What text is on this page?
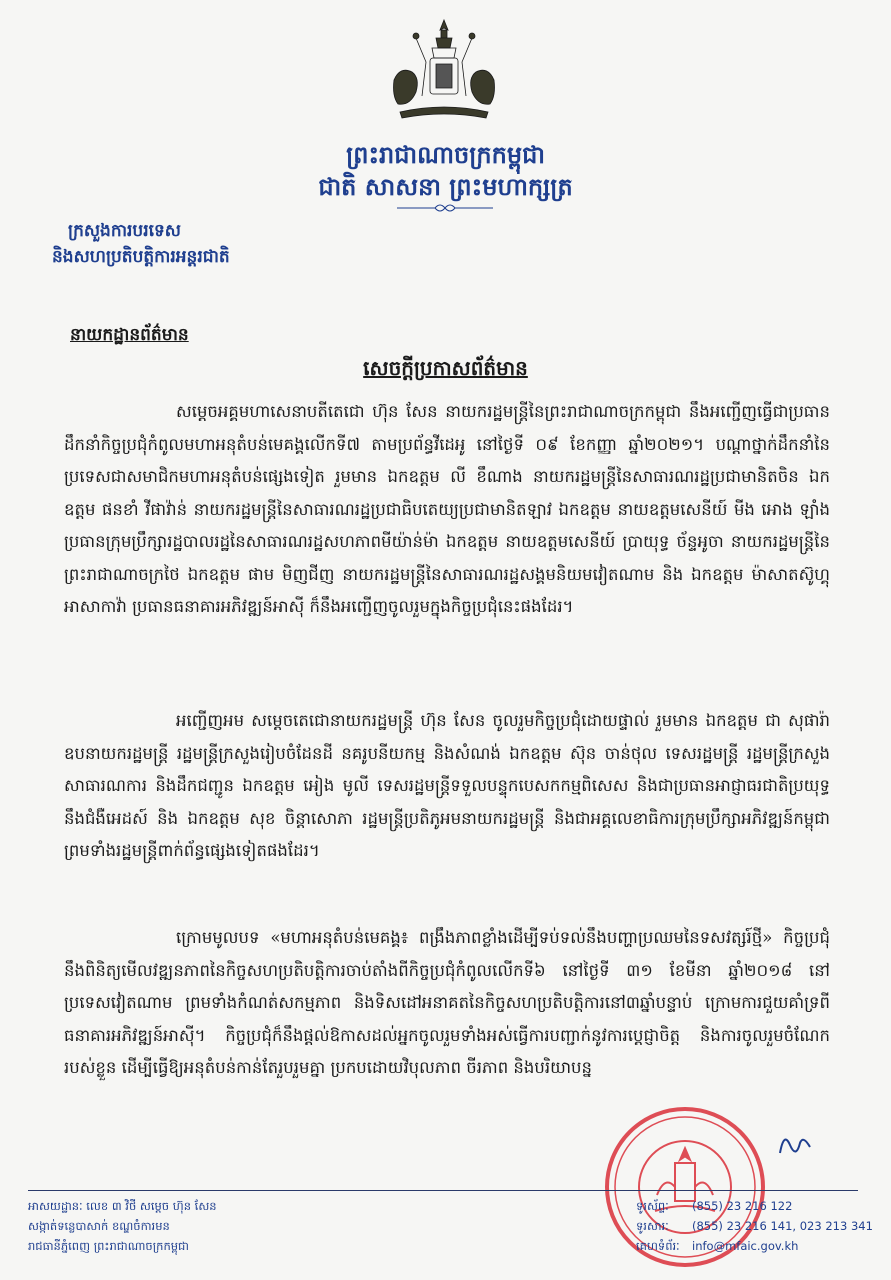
ព្រះរាជាណាចក្រកម្ពុជា
ជាតិ សាសនា ព្រះមហាក្សត្រ
ក្រសួងការបរទេស
និងសហប្រតិបត្តិការអន្តរជាតិ
នាយកដ្ឋានព័ត៌មាន
សេចក្តីប្រកាសព័ត៌មាន

សម្តេចអគ្គមហាសេនាបតីតេជោ ហ៊ុន សែន នាយករដ្ឋមន្ត្រីនៃព្រះរាជាណាចក្រកម្ពុជា នឹងអញ្ជើញធ្វើជាប្រធានដឹកនាំកិច្ចប្រជុំកំពូលមហាអនុតំបន់មេគង្គលើកទី៧ តាមប្រព័ន្ធវីដេអូ នៅថ្ងៃទី ០៩ ខែកញ្ញា ឆ្នាំ២០២១។ បណ្តាថ្នាក់ដឹកនាំនៃប្រទេសជាសមាជិកមហាអនុតំបន់ផ្សេងទៀត រួមមាន ឯកឧត្តម លី ខឹណាង នាយករដ្ឋមន្ត្រីនៃសាធារណរដ្ឋប្រជាមានិតចិន ឯកឧត្តម ផនខាំ វីផាវ៉ាន់ នាយករដ្ឋមន្ត្រីនៃសាធារណរដ្ឋប្រជាធិបតេយ្យប្រជាមានិតឡាវ ឯកឧត្តម នាយឧត្តមសេនីយ៍ មីង អោង ឡាំង ប្រធានក្រុមប្រឹក្សារដ្ឋបាលរដ្ឋនៃសាធារណរដ្ឋសហភាពមីយ៉ាន់ម៉ា ឯកឧត្តម នាយឧត្តមសេនីយ៍ ប្រាយុទ្ធ ច័ន្ទអូចា នាយករដ្ឋមន្ត្រីនៃព្រះរាជាណាចក្រថៃ ឯកឧត្តម ផាម មិញជីញ នាយករដ្ឋមន្ត្រីនៃសាធារណរដ្ឋសង្គមនិយមវៀតណាម និង ឯកឧត្តម ម៉ាសាតស៊ូហ្គុ អាសាកាវ៉ា ប្រធានធនាគារអភិវឌ្ឍន៍អាស៊ី ក៏នឹងអញ្ជើញចូលរួមក្នុងកិច្ចប្រជុំនេះផងដែរ។

អញ្ជើញអម សម្តេចតេជោនាយករដ្ឋមន្ត្រី ហ៊ុន សែន ចូលរួមកិច្ចប្រជុំដោយផ្ទាល់ រួមមាន ឯកឧត្តម ជា សុផារ៉ា ឧបនាយករដ្ឋមន្ត្រី រដ្ឋមន្ត្រីក្រសួងរៀបចំដែនដី នគរូបនីយកម្ម និងសំណង់ ឯកឧត្តម ស៊ុន ចាន់ថុល ទេសរដ្ឋមន្ត្រី រដ្ឋមន្ត្រីក្រសួងសាធារណការ និងដឹកជញ្ជូន ឯកឧត្តម អៀង មូលី ទេសរដ្ឋមន្ត្រីទទួលបន្ទុកបេសកកម្មពិសេស និងជាប្រធានអាជ្ញាធរជាតិប្រយុទ្ធនឹងជំងឺអេដស៍ និង ឯកឧត្តម សុខ ចិន្តាសោភា រដ្ឋមន្ត្រីប្រតិភូអមនាយករដ្ឋមន្ត្រី និងជាអគ្គលេខាធិការក្រុមប្រឹក្សាអភិវឌ្ឍន៍កម្ពុជា ព្រមទាំងរដ្ឋមន្ត្រីពាក់ព័ន្ធផ្សេងទៀតផងដែរ។

ក្រោមមូលបទ «មហាអនុតំបន់មេគង្គ៖ ពង្រឹងភាពខ្លាំងដើម្បីទប់ទល់នឹងបញ្ហាប្រឈមនៃទសវត្សរ៍ថ្មី» កិច្ចប្រជុំនឹងពិនិត្យមើលវឌ្ឍនភាពនៃកិច្ចសហប្រតិបត្តិការចាប់តាំងពីកិច្ចប្រជុំកំពូលលើកទី៦ នៅថ្ងៃទី ៣១ ខែមីនា ឆ្នាំ២០១៨ នៅប្រទេសវៀតណាម ព្រមទាំងកំណត់សកម្មភាព និងទិសដៅអនាគតនៃកិច្ចសហប្រតិបត្តិការនៅ៣ឆ្នាំបន្ទាប់ ក្រោមការជួយគាំទ្រពីធនាគារអភិវឌ្ឍន៍អាស៊ី។ កិច្ចប្រជុំក៏នឹងផ្តល់ឱកាសដល់អ្នកចូលរួមទាំងអស់ធ្វើការបញ្ជាក់នូវការប្តេជ្ញាចិត្ត និងការចូលរួមចំណែករបស់ខ្លួន ដើម្បីធ្វើឱ្យអនុតំបន់កាន់តែរួបរួមគ្នា ប្រកបដោយវិបុលភាព ចីរភាព និងបរិយាបន្ន

អាសយដ្ឋានៈ លេខ ៣ វិថី សម្តេច ហ៊ុន សែន
សង្កាត់ទន្លេបាសាក់ ខណ្ឌចំការមន
រាជធានីភ្នំពេញ ព្រះរាជាណាចក្រកម្ពុជា
ទូរស័ព្ទៈ (855) 23 216 122
ទូរសារៈ (855) 23 216 141, 023 213 341
គេហទំព័រៈ info@mfaic.gov.kh
